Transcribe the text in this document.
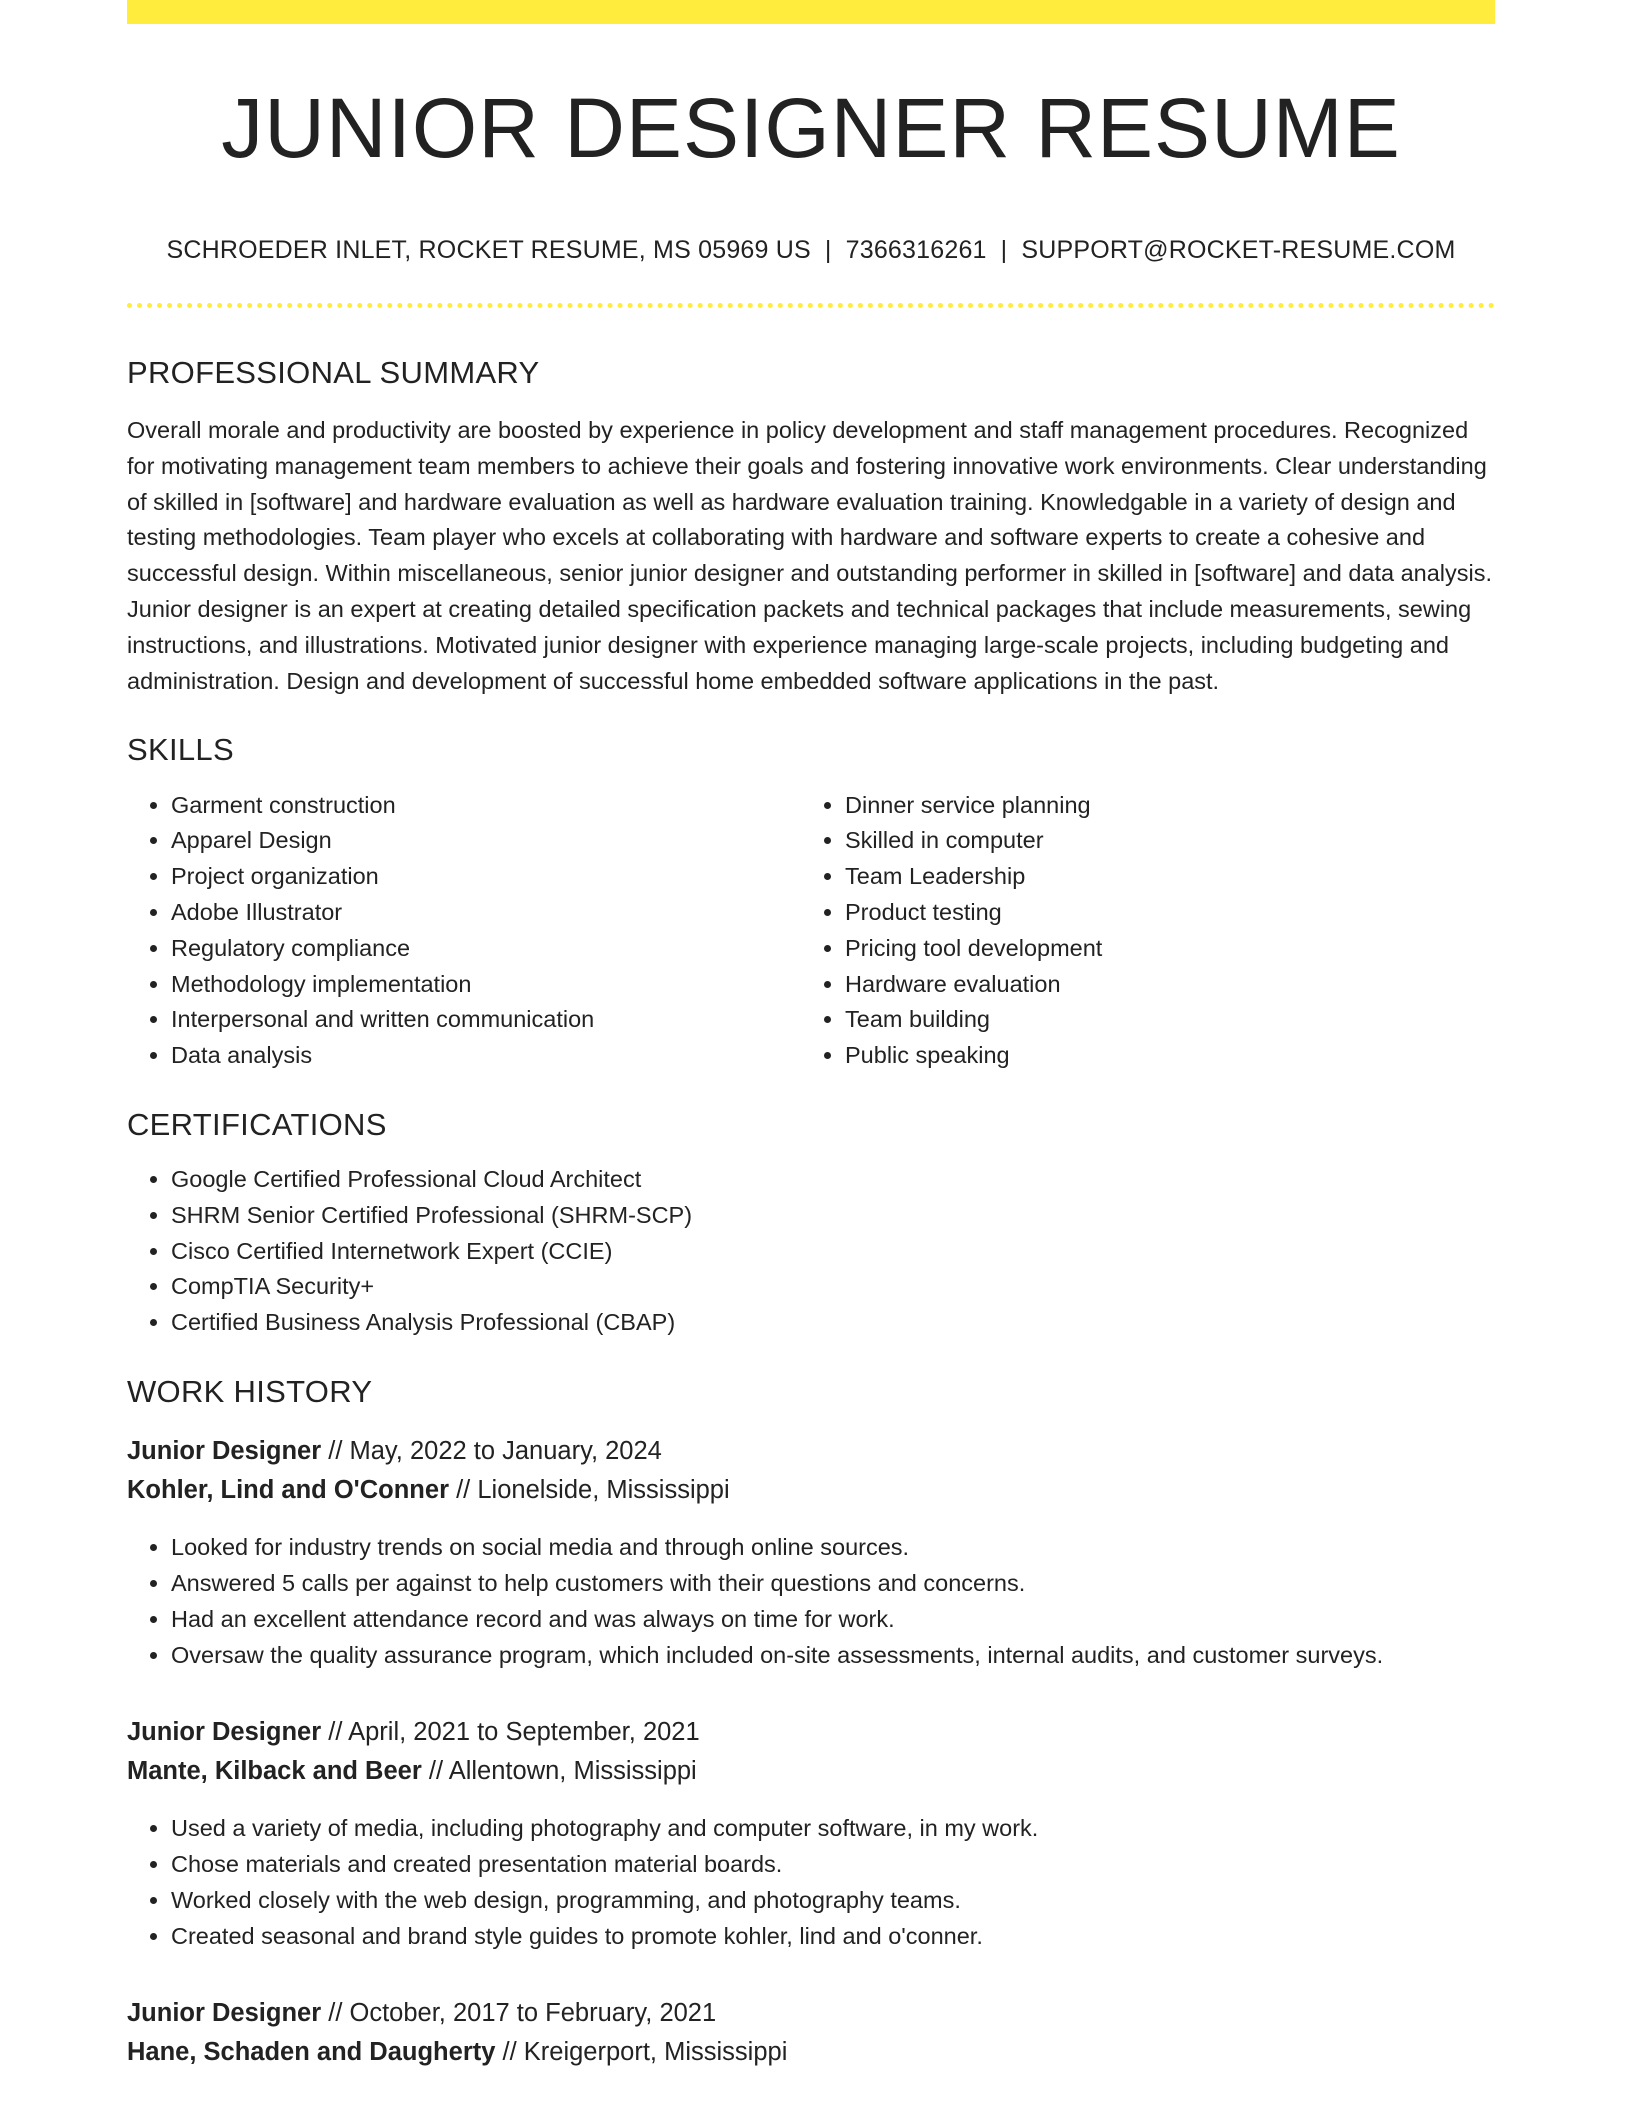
JUNIOR DESIGNER RESUME
SCHROEDER INLET, ROCKET RESUME, MS 05969 US | 7366316261 | SUPPORT@ROCKET-RESUME.COM
PROFESSIONAL SUMMARY

Overall morale and productivity are boosted by experience in policy development and staff management procedures. Recognized for motivating management team members to achieve their goals and fostering innovative work environments. Clear understanding of skilled in [software] and hardware evaluation as well as hardware evaluation training. Knowledgable in a variety of design and testing methodologies. Team player who excels at collaborating with hardware and software experts to create a cohesive and successful design. Within miscellaneous, senior junior designer and outstanding performer in skilled in [software] and data analysis. Junior designer is an expert at creating detailed specification packets and technical packages that include measurements, sewing instructions, and illustrations. Motivated junior designer with experience managing large-scale projects, including budgeting and administration. Design and development of successful home embedded software applications in the past.

SKILLS
• Garment construction
• Apparel Design
• Project organization
• Adobe Illustrator
• Regulatory compliance
• Methodology implementation
• Interpersonal and written communication
• Data analysis
• Dinner service planning
• Skilled in computer
• Team Leadership
• Product testing
• Pricing tool development
• Hardware evaluation
• Team building
• Public speaking
CERTIFICATIONS
• Google Certified Professional Cloud Architect
• SHRM Senior Certified Professional (SHRM-SCP)
• Cisco Certified Internetwork Expert (CCIE)
• CompTIA Security+
• Certified Business Analysis Professional (CBAP)
WORK HISTORY
Junior Designer // May, 2022 to January, 2024
Kohler, Lind and O'Conner // Lionelside, Mississippi
• Looked for industry trends on social media and through online sources.
• Answered 5 calls per against to help customers with their questions and concerns.
• Had an excellent attendance record and was always on time for work.
• Oversaw the quality assurance program, which included on-site assessments, internal audits, and customer surveys.
Junior Designer // April, 2021 to September, 2021
Mante, Kilback and Beer // Allentown, Mississippi
• Used a variety of media, including photography and computer software, in my work.
• Chose materials and created presentation material boards.
• Worked closely with the web design, programming, and photography teams.
• Created seasonal and brand style guides to promote kohler, lind and o'conner.
Junior Designer // October, 2017 to February, 2021
Hane, Schaden and Daugherty // Kreigerport, Mississippi
